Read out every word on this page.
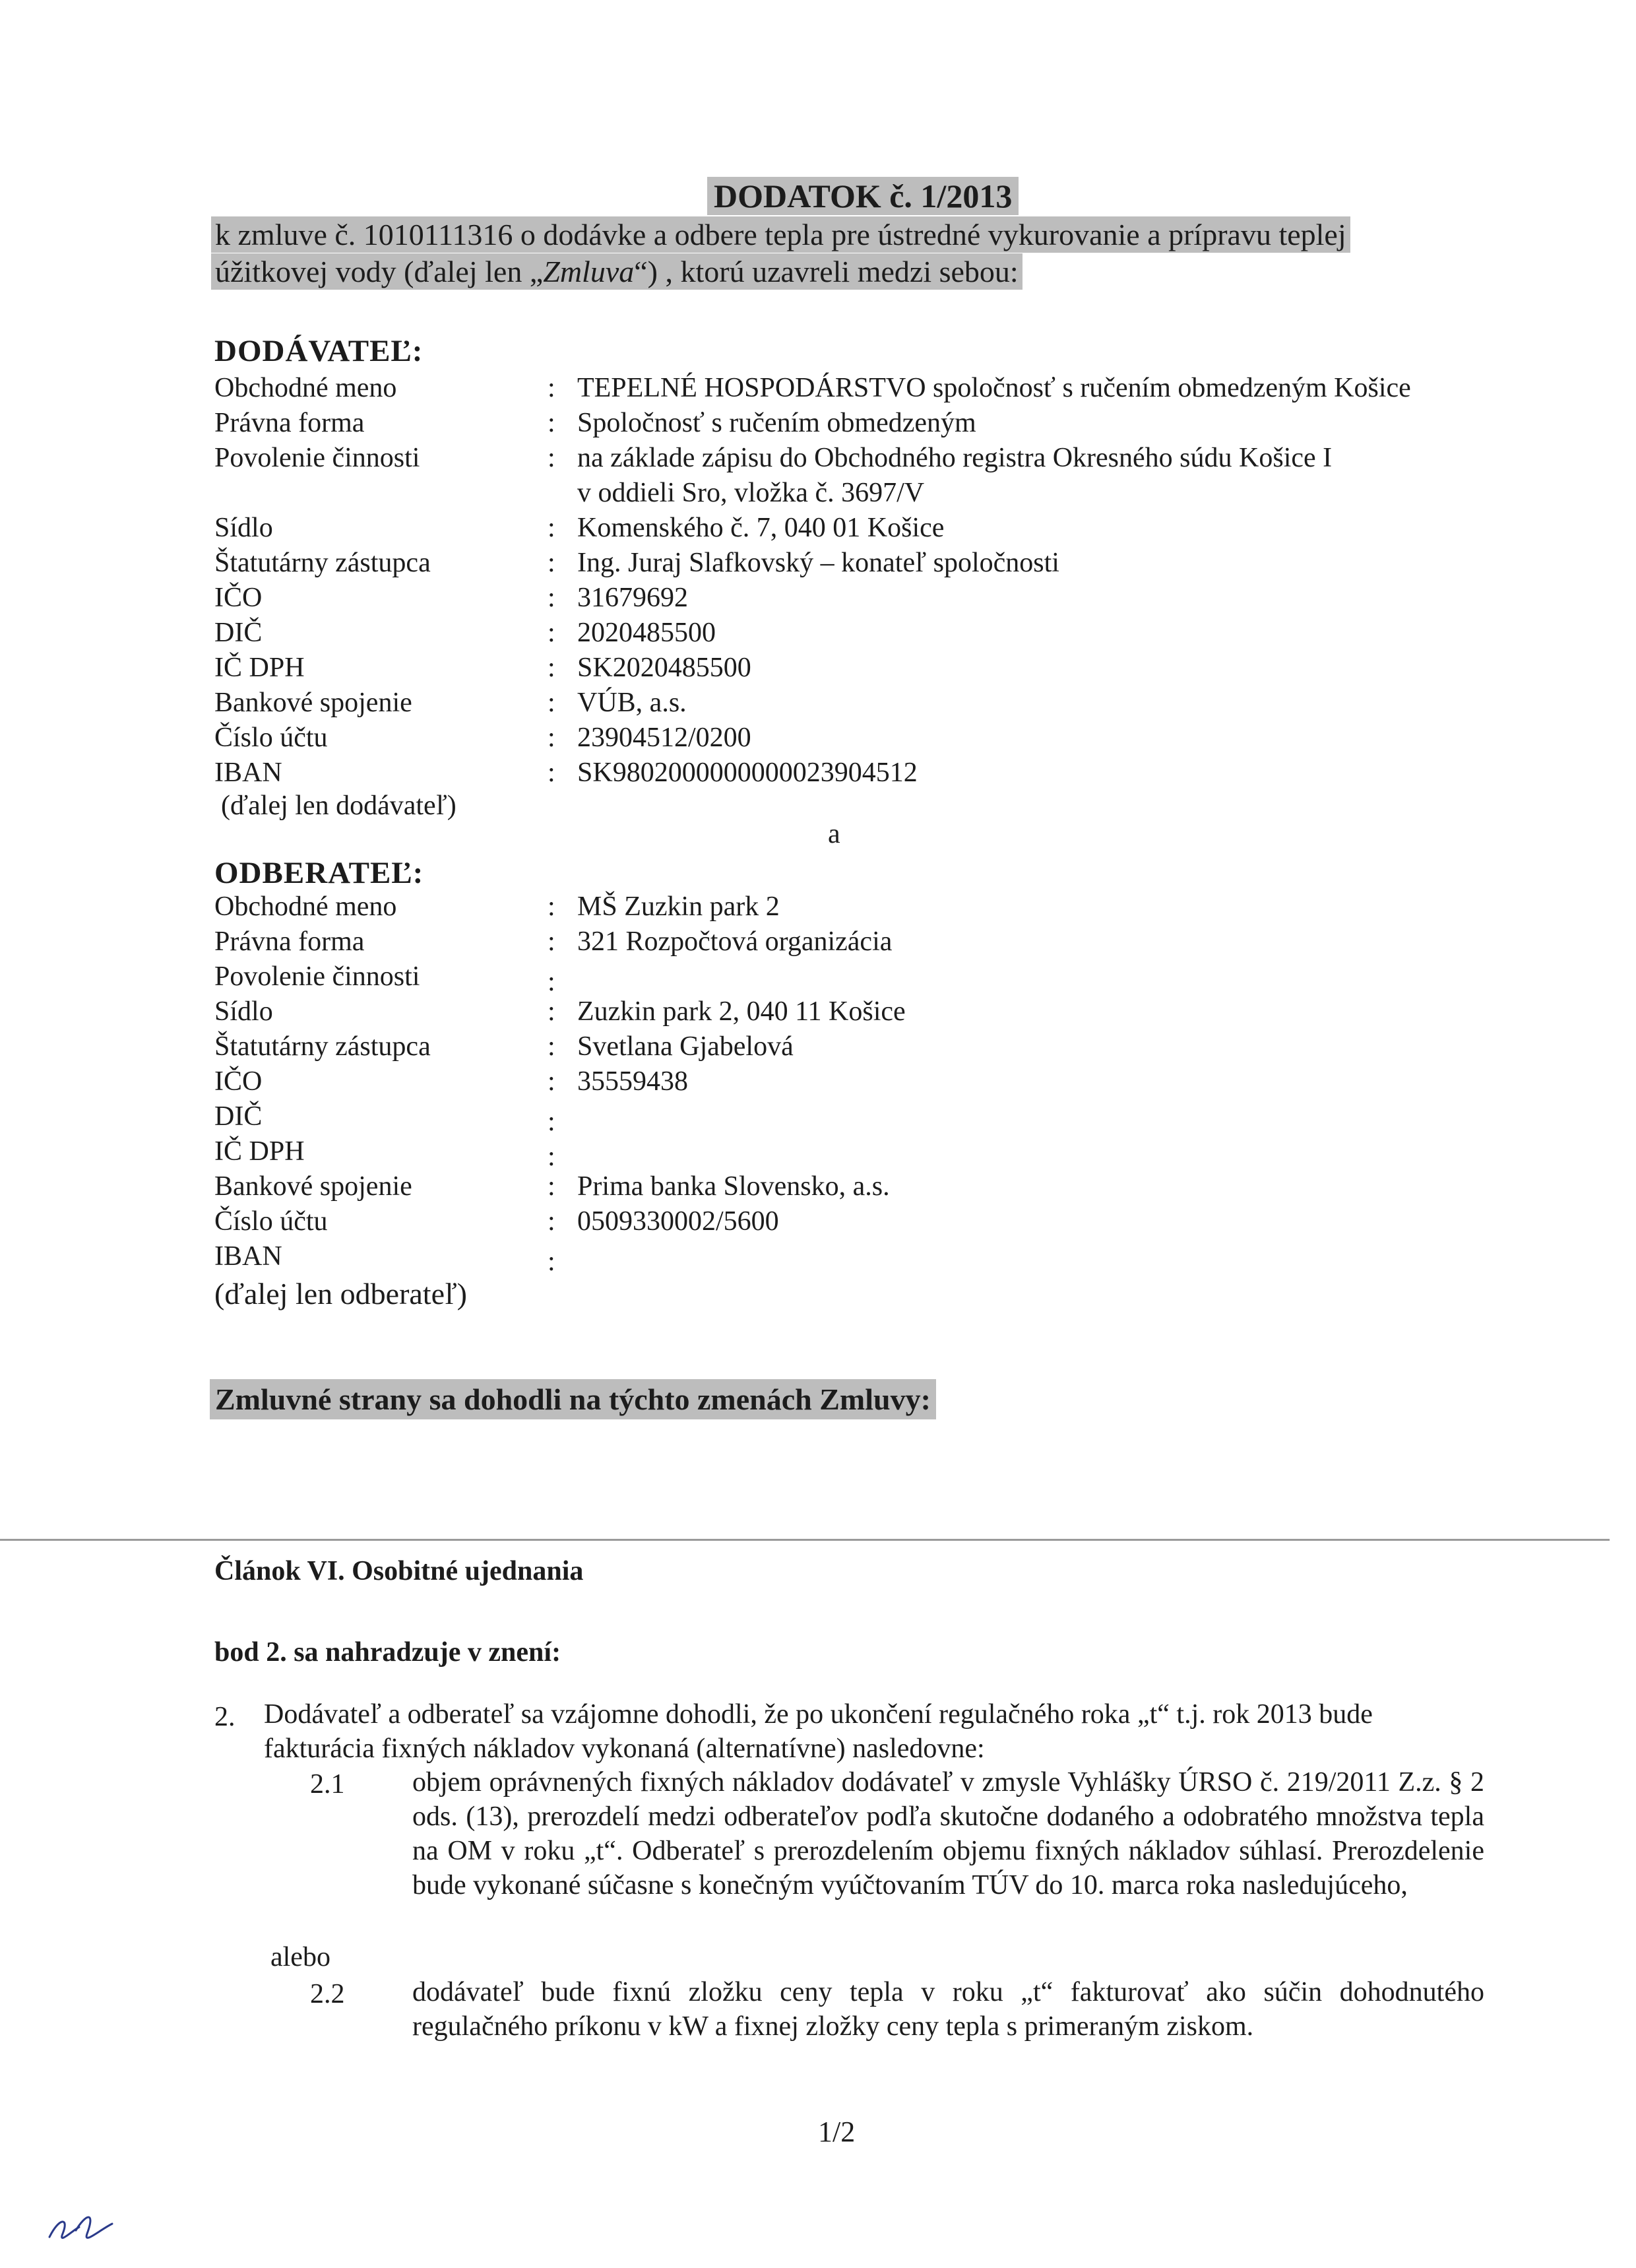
DODATOK č. 1/2013
k zmluve č. 1010111316 o dodávke a odbere tepla pre ústredné vykurovanie a prípravu teplej
úžitkovej vody (ďalej len „Zmluva“) , ktorú uzavreli medzi sebou:
DODÁVATEĽ:
Obchodné meno	: TEPELNÉ HOSPODÁRSTVO spoločnosť s ručením obmedzeným Košice
Právna forma	: Spoločnosť s ručením obmedzeným
Povolenie činnosti	: na základe zápisu do Obchodného registra Okresného súdu Košice I
v oddieli Sro, vložka č. 3697/V
Sídlo	: Komenského č. 7, 040 01 Košice
Štatutárny zástupca	: Ing. Juraj Slafkovský – konateľ spoločnosti
IČO	: 31679692
DIČ	: 2020485500
IČ DPH	: SK2020485500
Bankové spojenie	: VÚB, a.s.
Číslo účtu	: 23904512/0200
IBAN	: SK9802000000000023904512
(ďalej len dodávateľ)
a
ODBERATEĽ:
Obchodné meno	: MŠ Zuzkin park 2
Právna forma	: 321 Rozpočtová organizácia
Povolenie činnosti	:
Sídlo	: Zuzkin park 2, 040 11 Košice
Štatutárny zástupca	: Svetlana Gjabelová
IČO	: 35559438
DIČ	:
IČ DPH	:
Bankové spojenie	: Prima banka Slovensko, a.s.
Číslo účtu	: 0509330002/5600
IBAN	:
(ďalej len odberateľ)
Zmluvné strany sa dohodli na týchto zmenách Zmluvy:
Článok VI. Osobitné ujednania
bod 2. sa nahradzuje v znení:
2. Dodávateľ a odberateľ sa vzájomne dohodli, že po ukončení regulačného roka „t“ t.j. rok 2013 bude fakturácia fixných nákladov vykonaná (alternatívne) nasledovne:
2.1 objem oprávnených fixných nákladov dodávateľ v zmysle Vyhlášky ÚRSO č. 219/2011 Z.z. § 2 ods. (13), prerozdelí medzi odberateľov podľa skutočne dodaného a odobratého množstva tepla na OM v roku „t“. Odberateľ s prerozdelením objemu fixných nákladov súhlasí. Prerozdelenie bude vykonané súčasne s konečným vyúčtovaním TÚV do 10. marca roka nasledujúceho,
alebo
2.2 dodávateľ bude fixnú zložku ceny tepla v roku „t“ fakturovať ako súčin dohodnutého regulačného príkonu v kW a fixnej zložky ceny tepla s primeraným ziskom.
1/2
